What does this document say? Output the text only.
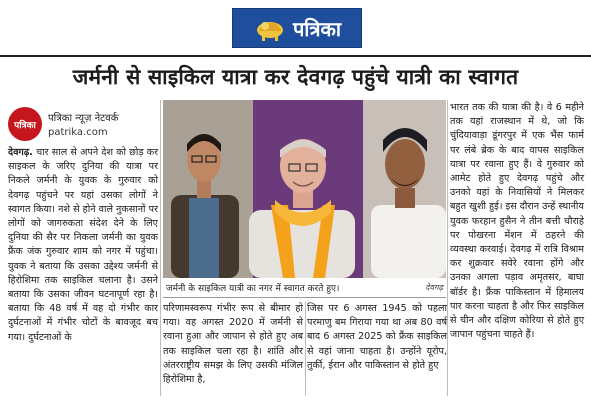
पत्रिका
जर्मनी से साइकिल यात्रा कर देवगढ़ पहुंचे यात्री का स्वागत
पत्रिका
पत्रिका न्यूज़ नेटवर्क
patrika.com

देवगढ़. चार साल से अपने देश को छोड़ कर साइकल के जरिए दुनिया की यात्रा पर निकले जर्मनी के युवक के गुरुवार को देवगढ़ पहुंचने पर यहां उसका लोगों ने स्वागत किया। नशे से होने वाले नुकसानों पर लोगों को जागरुकता संदेश देने के लिए दुनिया की सैर पर निकला जर्मनी का युवक फ्रैंक जंक गुरुवार शाम को नगर में पहुंचा। युवक ने बताया कि उसका उद्देश्य जर्मनी से हिरोशिमा तक साइकिल चलाना है। उसने बताया कि उसका जीवन घटनापूर्ण रहा है। बताया कि 48 वर्ष में वह दो गंभीर कार दुर्घटनाओं में गंभीर चोटों के बावजूद बच गया। दुर्घटनाओं के

जर्मनी के साइकिल यात्री का नगर में स्वागत करते हुए।	देवगढ़

परिणामस्वरूप गंभीर रूप से बीमार हो गया। वह अगस्त 2020 में जर्मनी से रवाना हुआ और जापान से होते हुए अब तक साइकिल चला रहा है। शांति और अंतरराष्ट्रीय समझ के लिए उसकी मंजिल हिरोशिमा है,

जिस पर 6 अगस्त 1945 को पहला परमाणु बम गिराया गया था अब 80 वर्ष बाद 6 अगस्त 2025 को फ्रैंक साइकिल से वहां जाना चाहता है। उन्होंने यूरोप, तुर्की, ईरान और पाकिस्तान से होते हुए

भारत तक की यात्रा की है। वे 6 महीने तक यहां राजस्थान में थे, जो कि चुंदियावाड़ा डूंगरपुर में एक भैंस फार्म पर लंबे ब्रेक के बाद वापस साइकिल यात्रा पर रवाना हुए हैं। वे गुरुवार को आमेट होते हुए देवगढ़ पहुंचे और उनको यहां के निवासियों ने मिलकर बहुत खुशी हुई। इस दौरान उन्हें स्थानीय युवक फरहान हुसैन ने तीन बत्ती चौराहे पर पोखरना मेंशन में ठहरने की व्यवस्था करवाई। देवगढ़ में रात्रि विश्राम कर शुक्रवार सवेरे रवाना होंगे और उनका अगला पड़ाव अमृतसर, बाघा बॉर्डर है। फ्रैंक पाकिस्तान में हिमालय पार करना चाहता है और फिर साइकिल से चीन और दक्षिण कोरिया से होते हुए जापान पहुंचना चाहते हैं।
